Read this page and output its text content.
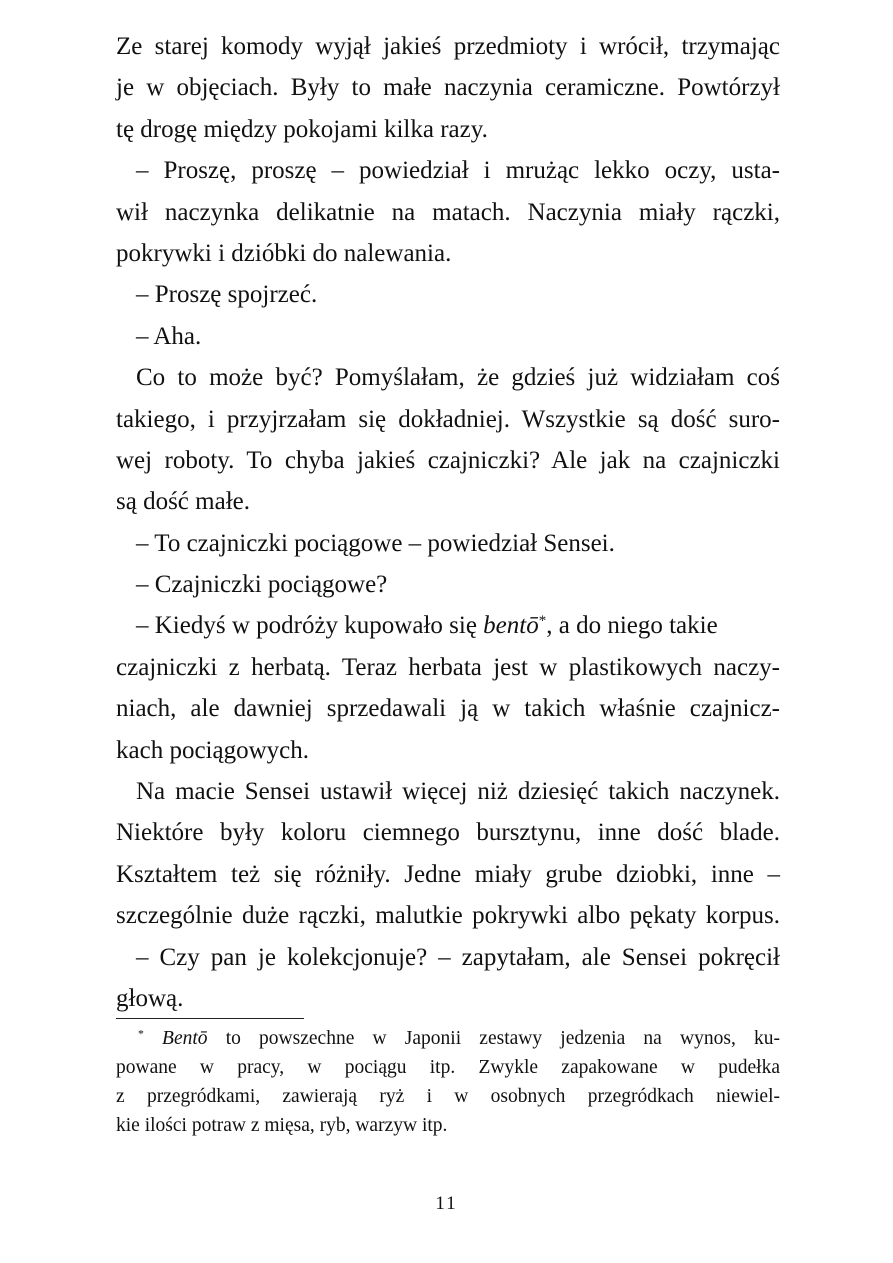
Ze starej komody wyjął jakieś przedmioty i wrócił, trzymając
je w objęciach. Były to małe naczynia ceramiczne. Powtórzył
tę drogę między pokojami kilka razy.
– Proszę, proszę – powiedział i mrużąc lekko oczy, usta-
wił naczynka delikatnie na matach. Naczynia miały rączki,
pokrywki i dzióbki do nalewania.
– Proszę spojrzeć.
– Aha.
Co to może być? Pomyślałam, że gdzieś już widziałam coś
takiego, i przyjrzałam się dokładniej. Wszystkie są dość suro-
wej roboty. To chyba jakieś czajniczki? Ale jak na czajniczki
są dość małe.
– To czajniczki pociągowe – powiedział Sensei.
– Czajniczki pociągowe?
– Kiedyś w podróży kupowało się bentō*, a do niego takie
czajniczki z herbatą. Teraz herbata jest w plastikowych naczy-
niach, ale dawniej sprzedawali ją w takich właśnie czajnicz-
kach pociągowych.
Na macie Sensei ustawił więcej niż dziesięć takich naczynek.
Niektóre były koloru ciemnego bursztynu, inne dość blade.
Kształtem też się różniły. Jedne miały grube dziobki, inne –
szczególnie duże rączki, malutkie pokrywki albo pękaty korpus.
– Czy pan je kolekcjonuje? – zapytałam, ale Sensei pokręcił
głową.
* Bentō to powszechne w Japonii zestawy jedzenia na wynos, ku-
powane w pracy, w pociągu itp. Zwykle zapakowane w pudełka
z przegródkami, zawierają ryż i w osobnych przegródkach niewiel-
kie ilości potraw z mięsa, ryb, warzyw itp.
11
